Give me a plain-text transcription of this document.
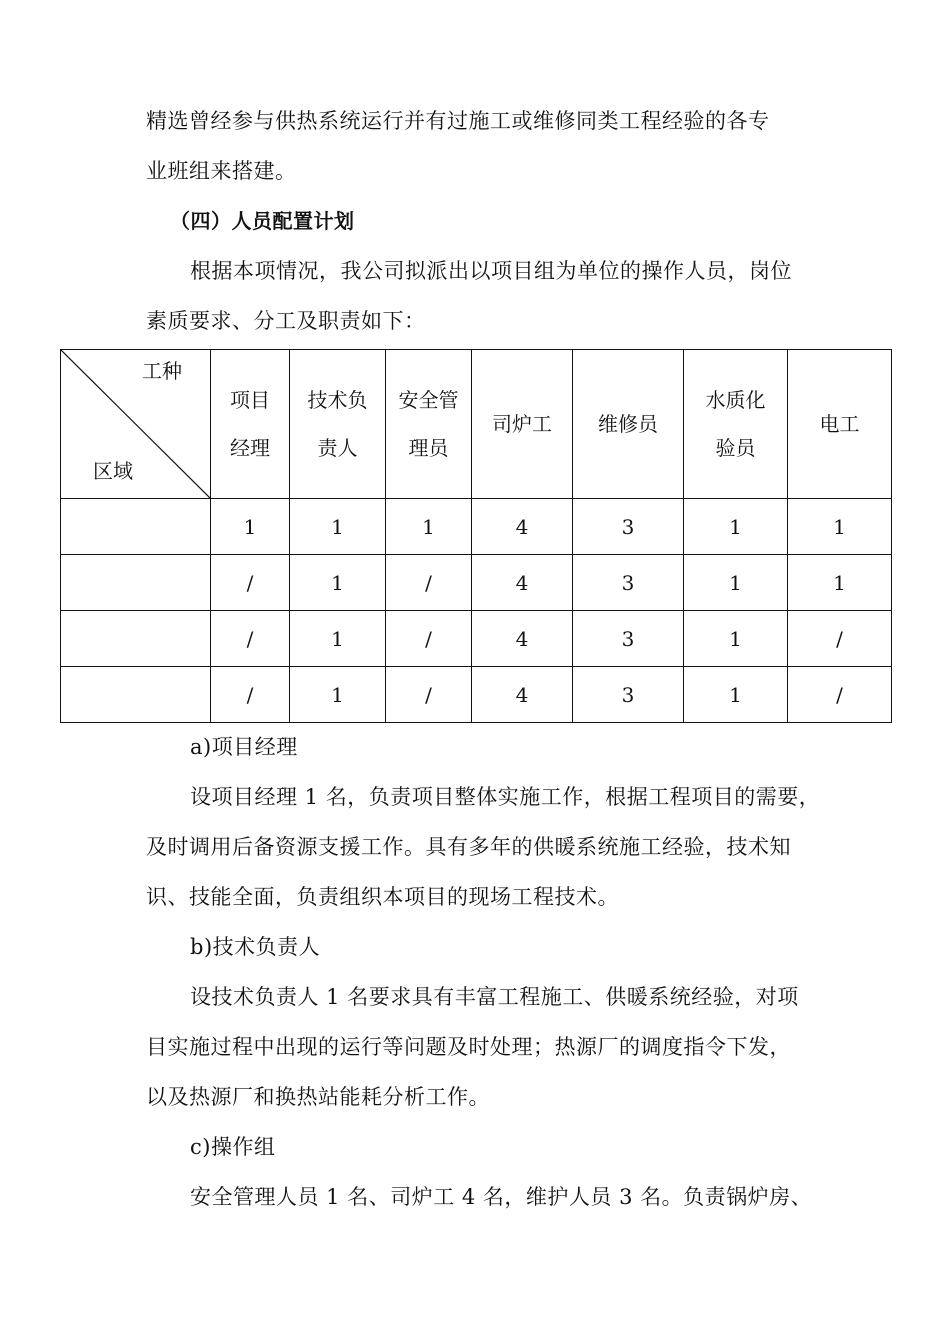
精选曾经参与供热系统运行并有过施工或维修同类工程经验的各专
业班组来搭建。
（四）人员配置计划
根据本项情况，我公司拟派出以项目组为单位的操作人员，岗位
素质要求、分工及职责如下：
工种
区域	项目经理	技术负责人	安全管理员	司炉工	维修员	水质化验员	电工
	1	1	1	4	3	1	1
	/	1	/	4	3	1	1
	/	1	/	4	3	1	/
	/	1	/	4	3	1	/
a)项目经理
设项目经理 1 名，负责项目整体实施工作，根据工程项目的需要，
及时调用后备资源支援工作。具有多年的供暖系统施工经验，技术知
识、技能全面，负责组织本项目的现场工程技术。
b)技术负责人
设技术负责人 1 名要求具有丰富工程施工、供暖系统经验，对项
目实施过程中出现的运行等问题及时处理；热源厂的调度指令下发，
以及热源厂和换热站能耗分析工作。
c)操作组
安全管理人员 1 名、司炉工 4 名，维护人员 3 名。负责锅炉房、
